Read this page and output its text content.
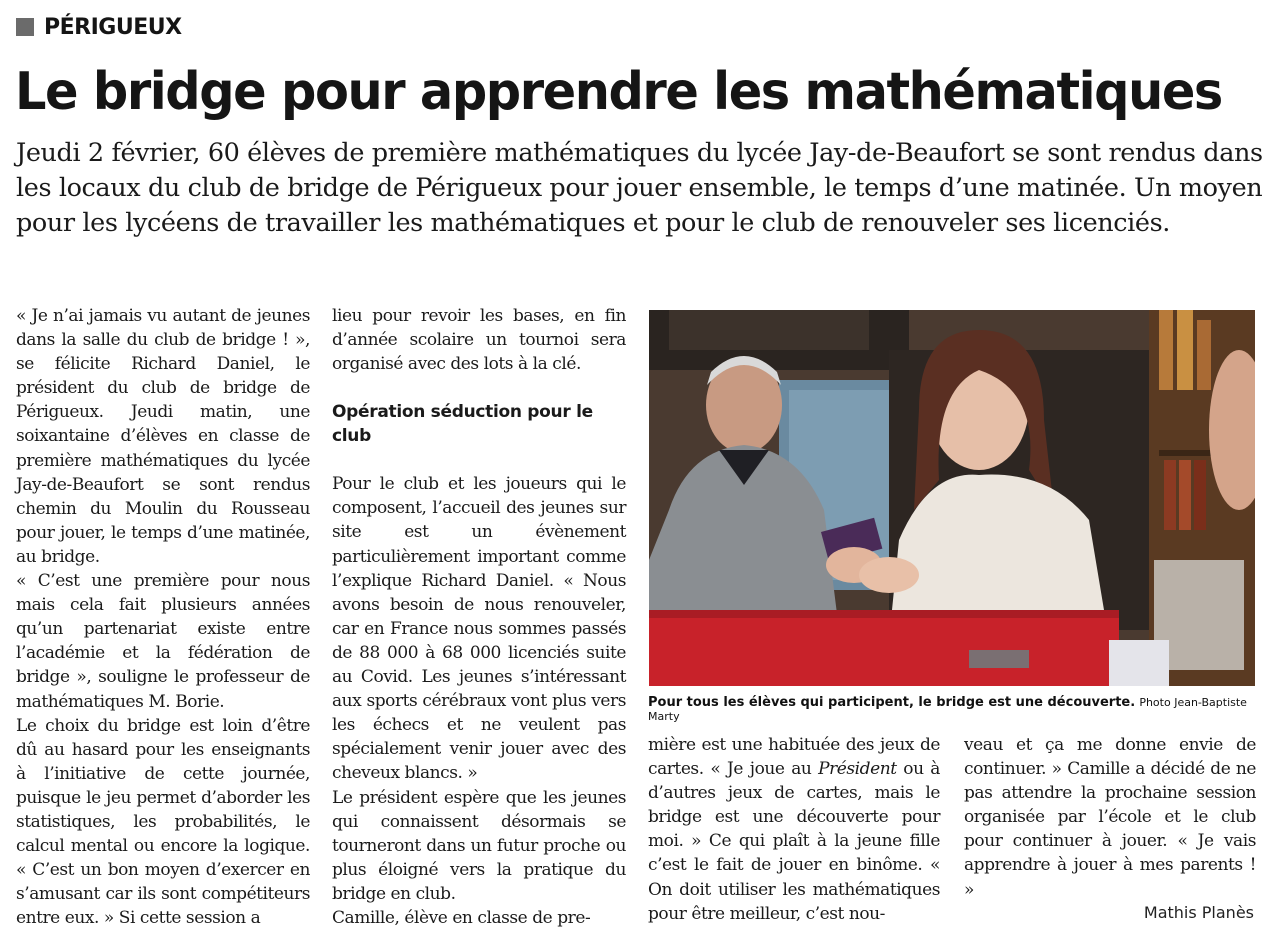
PÉRIGUEUX
Le bridge pour apprendre les mathématiques

Jeudi 2 février, 60 élèves de première mathématiques du lycée Jay-de-Beaufort se sont rendus dans les locaux du club de bridge de Périgueux pour jouer ensemble, le temps d’une matinée. Un moyen pour les lycéens de travailler les mathématiques et pour le club de renouveler ses licenciés.

« Je n’ai jamais vu autant de jeunes dans la salle du club de bridge ! », se félicite Richard Daniel, le président du club de bridge de Périgueux. Jeudi matin, une soixantaine d’élèves en classe de première mathématiques du lycée Jay-de-Beaufort se sont rendus chemin du Moulin du Rousseau pour jouer, le temps d’une matinée, au bridge.

« C’est une première pour nous mais cela fait plusieurs années qu’un partenariat existe entre l’académie et la fédération de bridge », souligne le professeur de mathématiques M. Borie.

Le choix du bridge est loin d’être dû au hasard pour les enseignants à l’initiative de cette journée, puisque le jeu permet d’aborder les statistiques, les probabilités, le calcul mental ou encore la logique. « C’est un bon moyen d’exercer en s’amusant car ils sont compétiteurs entre eux. » Si cette session a

lieu pour revoir les bases, en fin d’année scolaire un tournoi sera organisé avec des lots à la clé.

Opération séduction pour le club

Pour le club et les joueurs qui le composent, l’accueil des jeunes sur site est un évènement particulièrement important comme l’explique Richard Daniel. « Nous avons besoin de nous renouveler, car en France nous sommes passés de 88 000 à 68 000 licenciés suite au Covid. Les jeunes s’intéressant aux sports cérébraux vont plus vers les échecs et ne veulent pas spécialement venir jouer avec des cheveux blancs. »

Le président espère que les jeunes qui connaissent désormais se tourneront dans un futur proche ou plus éloigné vers la pratique du bridge en club.

Camille, élève en classe de pre-

Pour tous les élèves qui participent, le bridge est une découverte. Photo Jean-Baptiste Marty

mière est une habituée des jeux de cartes. « Je joue au Président ou à d’autres jeux de cartes, mais le bridge est une découverte pour moi. » Ce qui plaît à la jeune fille c’est le fait de jouer en binôme. « On doit utiliser les mathématiques pour être meilleur, c’est nou-

veau et ça me donne envie de continuer. » Camille a décidé de ne pas attendre la prochaine session organisée par l’école et le club pour continuer à jouer. « Je vais apprendre à jouer à mes parents ! »

Mathis Planès
